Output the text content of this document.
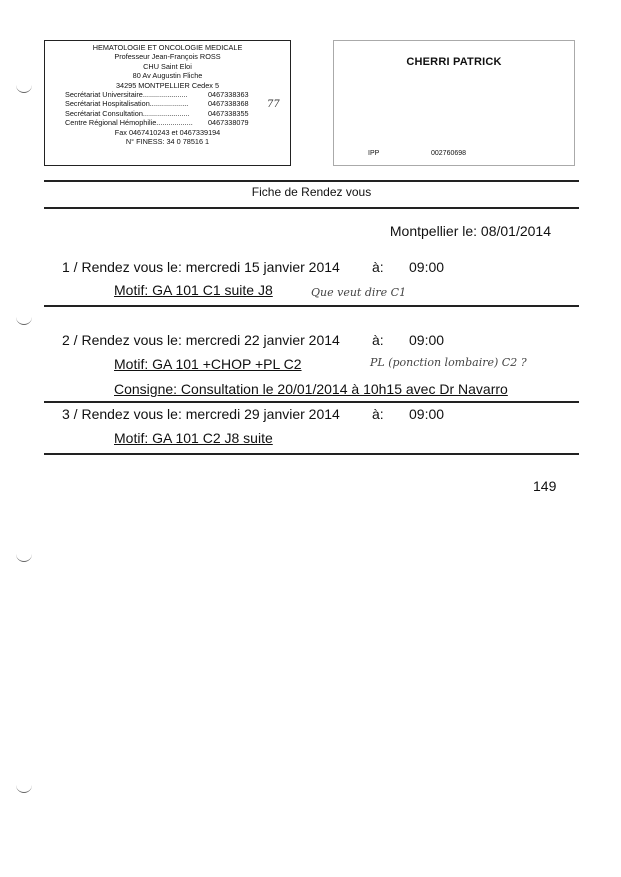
HEMATOLOGIE ET ONCOLOGIE MEDICALE
Professeur Jean-François ROSS
CHU Saint Eloi
80 Av Augustin Fliche
34295 MONTPELLIER Cedex 5
Secrétariat Universitaire......................	0467338363
Secrétariat Hospitalisation...................	0467338368
Secrétariat Consultation.......................	0467338355
Centre Régional Hémophilie.................. 0467338079
Fax 0467410243 et 0467339194
N° FINESS: 34 0 78516 1
77
CHERRI PATRICK
IPP	002760698
Fiche de Rendez vous
Montpellier le: 08/01/2014
1 / Rendez vous le: mercredi 15 janvier 2014 à: 09:00
Motif: GA 101 C1 suite J8	Que veut dire C1
2 / Rendez vous le: mercredi 22 janvier 2014 à: 09:00
Motif: GA 101 +CHOP +PL C2	PL (ponction lombaire) C2 ?
Consigne: Consultation le 20/01/2014 à 10h15 avec Dr Navarro
3 / Rendez vous le: mercredi 29 janvier 2014 à: 09:00
Motif: GA 101 C2 J8 suite
149
